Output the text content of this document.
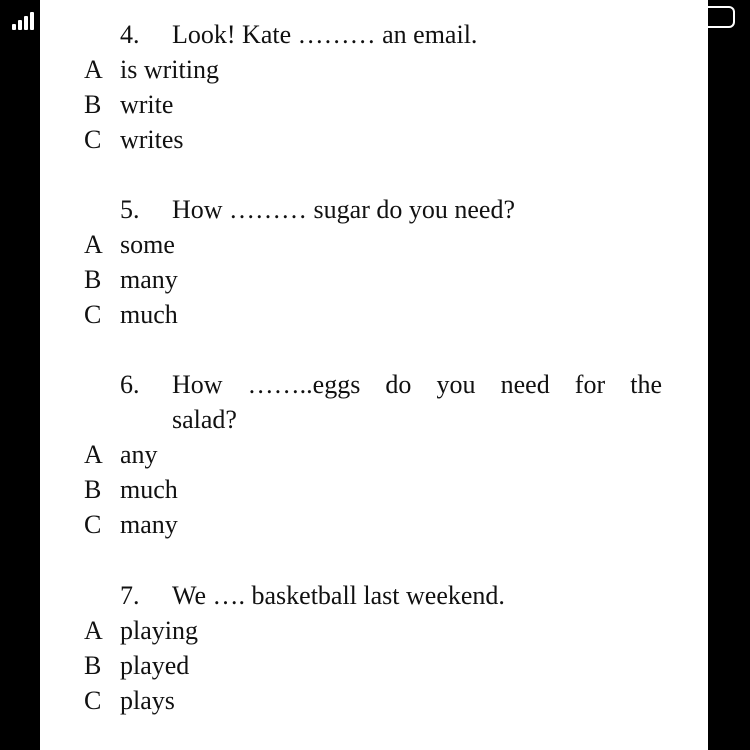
4. Look! Kate ……… an email.
A is writing
B write
C writes
5. How ……… sugar do you need?
A some
B many
C much
6. How ……..eggs do you need for the
salad?
A any
B much
C many
7. We …. basketball last weekend.
A playing
B played
C plays
